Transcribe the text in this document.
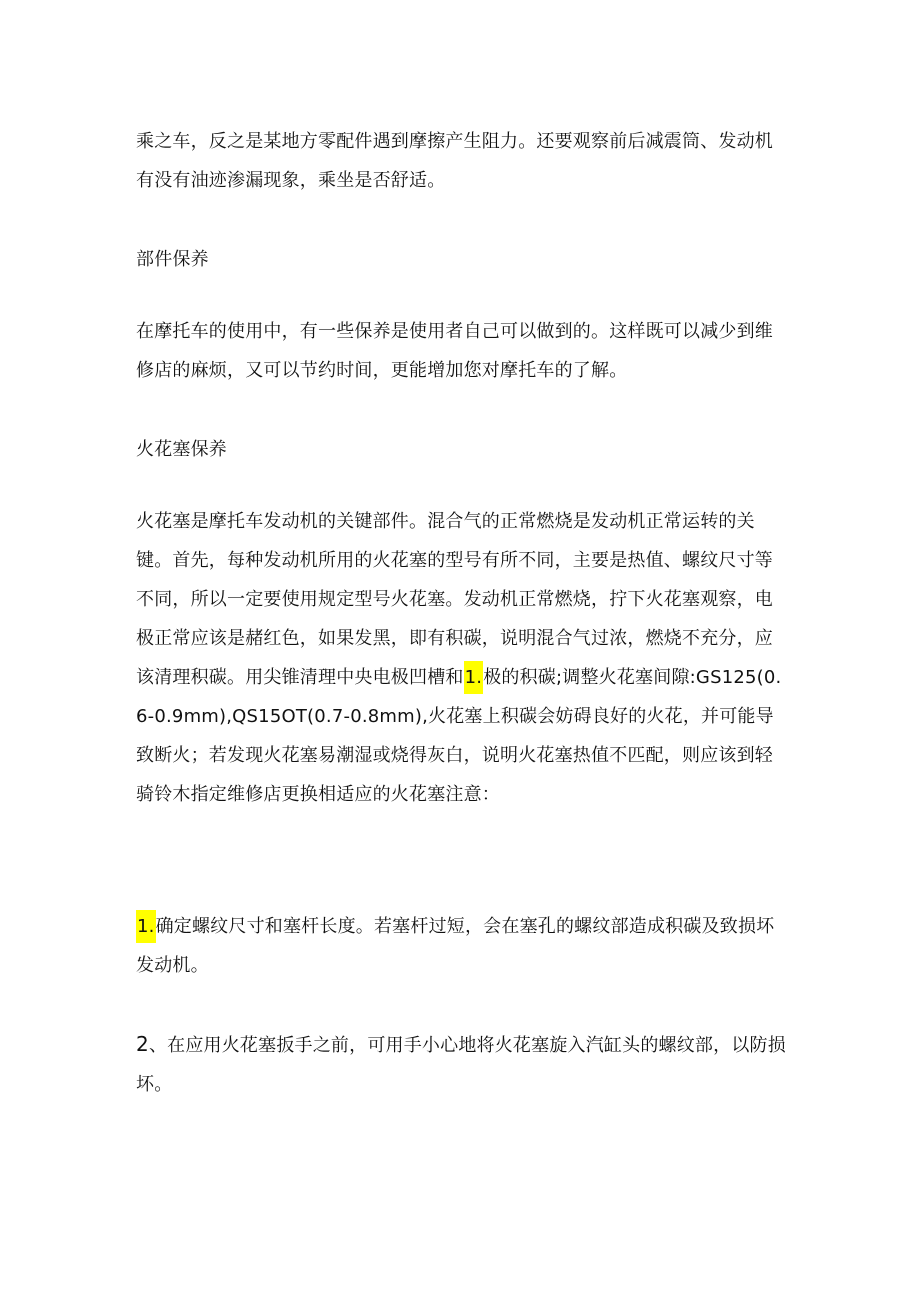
乘之车，反之是某地方零配件遇到摩擦产生阻力。还要观察前后减震筒、发动机有没有油迹渗漏现象，乘坐是否舒适。

部件保养

在摩托车的使用中，有一些保养是使用者自己可以做到的。这样既可以减少到维修店的麻烦，又可以节约时间，更能增加您对摩托车的了解。

火花塞保养

火花塞是摩托车发动机的关键部件。混合气的正常燃烧是发动机正常运转的关键。首先，每种发动机所用的火花塞的型号有所不同，主要是热值、螺纹尺寸等不同，所以一定要使用规定型号火花塞。发动机正常燃烧，拧下火花塞观察，电极正常应该是赭红色，如果发黑，即有积碳，说明混合气过浓，燃烧不充分，应该清理积碳。用尖锥清理中央电极凹槽和1.极的积碳;调整火花塞间隙:GS125(0.6-0.9mm),QS15OT(0.7-0.8mm),火花塞上积碳会妨碍良好的火花，并可能导致断火；若发现火花塞易潮湿或烧得灰白，说明火花塞热值不匹配，则应该到轻骑铃木指定维修店更换相适应的火花塞注意：

1.确定螺纹尺寸和塞杆长度。若塞杆过短，会在塞孔的螺纹部造成积碳及致损坏发动机。

2、在应用火花塞扳手之前，可用手小心地将火花塞旋入汽缸头的螺纹部，以防损坏。
